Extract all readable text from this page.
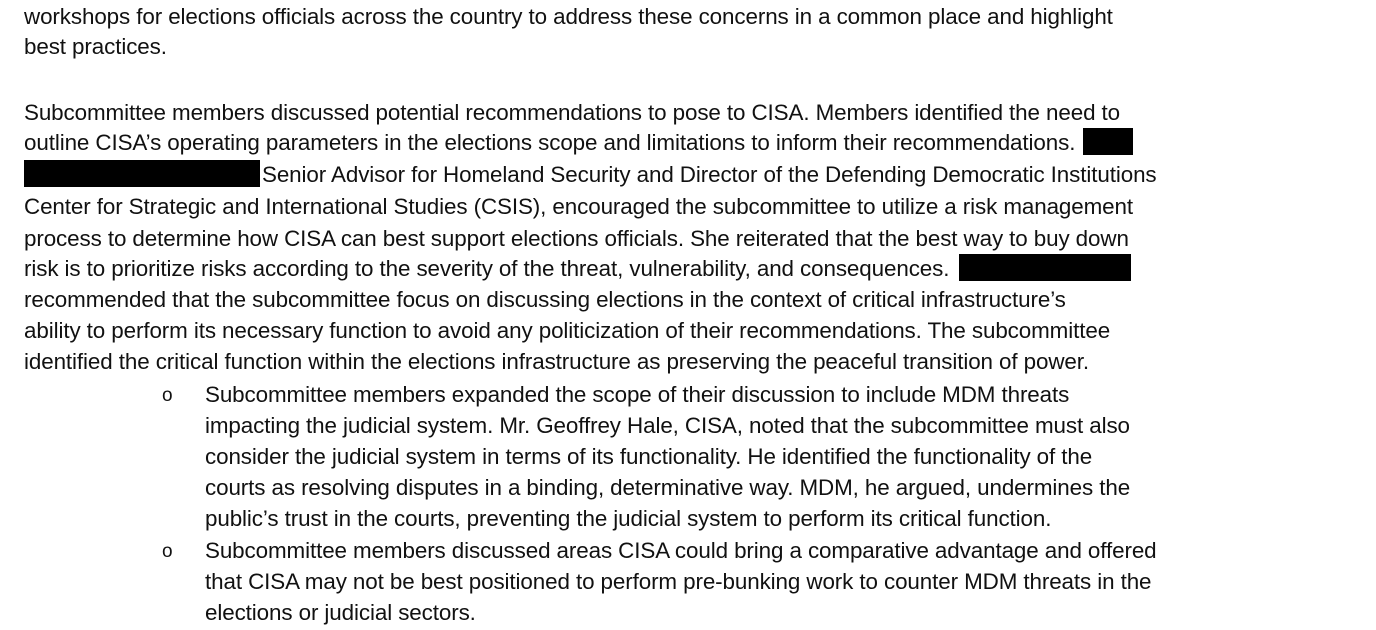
workshops for elections officials across the country to address these concerns in a common place and highlight
best practices.
Subcommittee members discussed potential recommendations to pose to CISA. Members identified the need to
outline CISA’s operating parameters in the elections scope and limitations to inform their recommendations.
Senior Advisor for Homeland Security and Director of the Defending Democratic Institutions
Center for Strategic and International Studies (CSIS), encouraged the subcommittee to utilize a risk management
process to determine how CISA can best support elections officials. She reiterated that the best way to buy down
risk is to prioritize risks according to the severity of the threat, vulnerability, and consequences.
recommended that the subcommittee focus on discussing elections in the context of critical infrastructure’s
ability to perform its necessary function to avoid any politicization of their recommendations. The subcommittee
identified the critical function within the elections infrastructure as preserving the peaceful transition of power.
o Subcommittee members expanded the scope of their discussion to include MDM threats
impacting the judicial system. Mr. Geoffrey Hale, CISA, noted that the subcommittee must also
consider the judicial system in terms of its functionality. He identified the functionality of the
courts as resolving disputes in a binding, determinative way. MDM, he argued, undermines the
public’s trust in the courts, preventing the judicial system to perform its critical function.
o Subcommittee members discussed areas CISA could bring a comparative advantage and offered
that CISA may not be best positioned to perform pre-bunking work to counter MDM threats in the
elections or judicial sectors.
